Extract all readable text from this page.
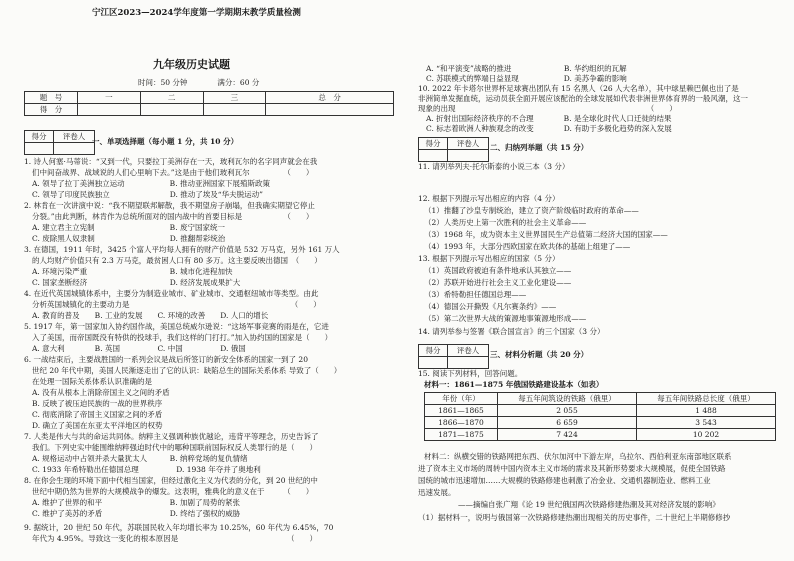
宁江区2023—2024学年度第一学期期末教学质量检测
九年级历史试题
时间：50 分钟　　　　满分：60 分
题　号	一	二	三	总　分
得　分				
得分	评卷人

一、单项选择题（每小题 1 分，共 10 分）
1. 诗人何塞·马蒂说：“又到一代，只要拉丁美洲存在一天，玻利瓦尔的名字同声就会在我
们中间奋战界、战域说的人们心里响下去。”这是由于他们玻利瓦尔　　　　　（　　）
A. 领导了拉丁美洲独立运动　　　　　　B. 推动亚洲国家下展殖斯政策
C. 领导了印度民族独立　　　　　　　　D. 推动了埃及“华夫脱运动”
2. 林肯在一次讲演中说：“我不期望联邦解散，我不期望房子崩塌，但我确实期望它停止
分裂。”由此判断，林肯作为总统所面对的国内战中的首要目标是　　　　　　（　　）
A. 建立君主立宪制　　　　　　　　　　B. 废宁国家统一
C. 废除黑人奴隶制　　　　　　　　　　D. 推翻帮彩统治
3. 在德国，1911 年时，3425 个富人平均每人拥有的财产价值是 532 万马克，另外 161 万人
的人均财产价值只有 2.3 万马克，最贫困人口有 80 多万。这主要反映出德国　（　　）
A. 环境污染严重　　　　　　　　　　　B. 城市化进程加快
C. 国家垄断经济　　　　　　　　　　　D. 经济发展成果扩大
4. 在近代英国城镇体系中，主要分为制造业城市、矿业城市、交通枢纽城市等类型。由此
分析英国城镇化的主要动力是　　　　　　　　　　　　　　　　　　　　　　（　　）
A. 教育的普及　　B. 工业的发展　　C. 环境的改善　　D. 人口的增长
5. 1917 年，第一国家加入协约国作战，美国总统威尔逊说：“这场军事竞赛的雨是在，它进
入了美国，而帝国既没有特供的投球手，我们这样的门打打。”加入协约国的国家是（　　）
A. 意大利　　　　B. 英国　　　　　C. 中国　　　　　D. 俄国
6. 一战结束后，主要战胜国的一系列会议是战后所签订的新安全体系的国家一到了 20
世纪 20 年代中期，美国人民渐逐走出了它的认识：缺陷总生的国际关系体系 导致了（　　）
在处理一国际关系体系认识准确的是
A. 没有从根本上消除帝国主义之间的矛盾
B. 反映了被压迫民族的一战的世界秩序
C. 彻底消除了帝国主义国家之间的矛盾
D. 确立了美国在东亚太平洋地区的权势
7. 人类是伟大与共的命运共同体。纳粹主义强调种族优越论，违背平等理念，历史告诉了
我们。下列史实中能围维纳粹强迫时代中的哪种国联前国际权反人类罪行的是（　　）
A. 规格运动中占领并杀大量犹太人　　　B. 纳粹党场的复仇情绪
C. 1933 年希特勒出任德国总理　　　　　D. 1938 年夺并了奥地利
8. 在你会生现的环境下面中代相当国家，但经过激化主义为代表的分化，到 20 世纪的中
世纪中期仍然为世界的大规模战争的爆发。这表明，雅典化的意义在于　　　（　　）
A. 维护了世界的和平　　　　　　　　　B. 加剧了局势的紧张
C. 维护了美苏的矛盾　　　　　　　　　D. 终结了强权的威胁
9. 据统计，20 世纪 50 年代，苏联国民收入年均增长率为 10.25%，60 年代为 6.45%，70
年代为 4.95%。导致这一变化的根本原因是　　　　　　　　　　　　　　　（　　）
A. “和平演变”战略的推进　　　　　　　B. 华约组织的瓦解
C. 苏联模式的弊端日益显现　　　　　　D. 美苏争霸的影响
10. 2022 年卡塔尔世界杯足球赛出团队有 15 名黑人（26 人大名单），其中球星赖巴佩也出了是
非洲简单发掘血统，运动员获全面开展应该配治的全球发展如代表非洲世界体育界的一般风潮，这一
现象的出现　　　　　　　　　　　　　　　　　　　　　　　　　　（　　）
A. 折射出国际经济秩序的不合理　　　　B. 是全球化时代人口迁徙的结果
C. 标志着欧洲人种族观念的改变　　　　D. 有助于多极化趋势的深入发展
得分	评卷人
	二、归纳列举题（共 15 分）
11. 请列举列夫·托尔斯泰的小说三本（3 分）
12. 根据下列提示写出相应的内容（4 分）
（1）推翻了沙皇专制统治，建立了资产阶级临时政府的革命——
（2）人类历史上第一次胜利的社会主义革命——
（3）1968 年，成为资本主义世界国民生产总值第二经济大国的国家——
（4）1993 年，大部分西欧国家在欧共体的基础上组建了——
13. 根据下列提示写出相应的国家（5 分）
（1）英国政府被迫有条件地承认其独立——
（2）苏联开始进行社会主义工业化建设——
（3）希特勒担任德国总理——
（4）德国公开撕毁《凡尔赛条约》——
（5）第二次世界大战的策源地事策源地形成——
14. 请列举参与签署《联合国宣言》的三个国家（3 分）
得分	评卷人
	三、材料分析题（共 20 分）
15. 阅读下列材料，回答问题。
材料一：1861—1875 年俄国铁路建设基本（如表）
年份（年）	每五年间筑设的铁路（俄里）	每五年间铁路总长度（俄里）
1861—1865	2 055	1 488
1866—1870	6 659	3 543
1871—1875	7 424	10 202
材料二：纵横交错的铁路网把东西、伏尔加河中下游左岸，乌拉尔、西伯利亚东南部地区联系
进了资本主义市场的周转中国内资本主义市场的需求及其新形势要求大规模展，促使全国铁路
国统的城市迅速增加……大规模的铁路修建也刺激了冶金业、交通机器制造业、燃料工业
迅速发展。
——摘编自张广翔《论 19 世纪俄国两次铁路修建热潮及其对经济发展的影响》
（1）据材料一，说明与俄国第一次铁路修建热潮出现相关的历史事件，二十世纪上半期修修抄
